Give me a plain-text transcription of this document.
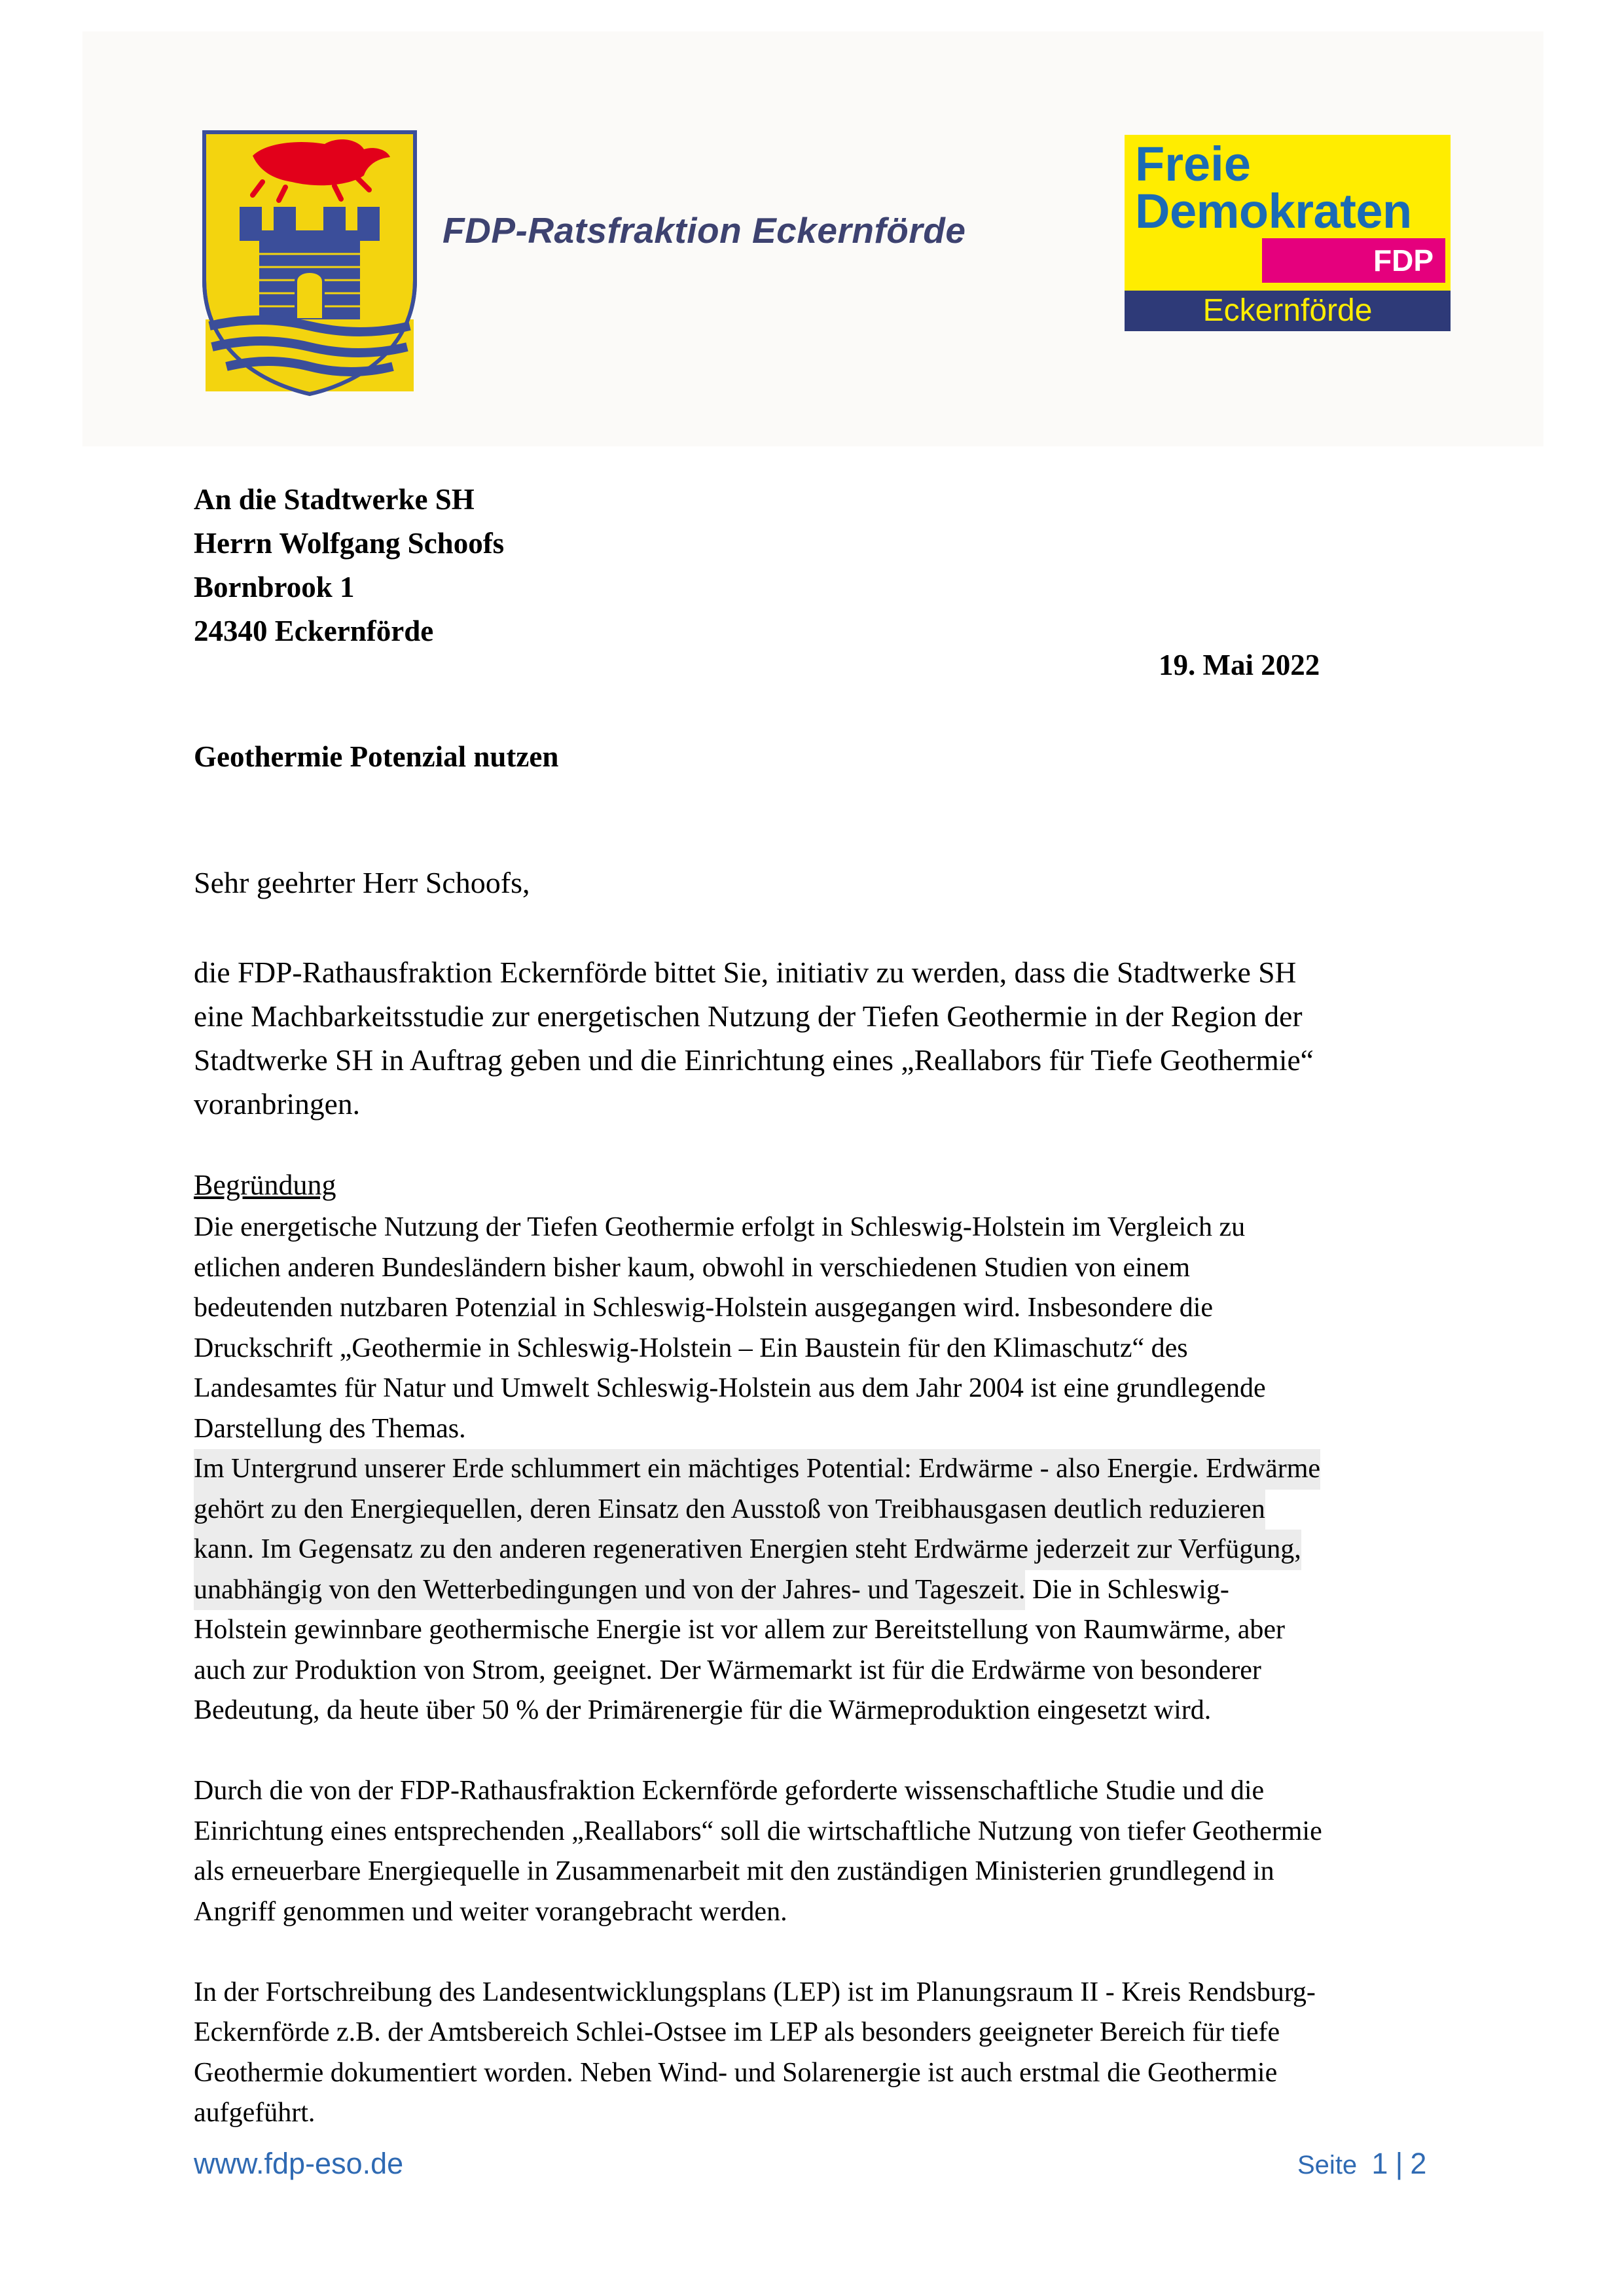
FDP-Ratsfraktion Eckernförde
Freie
Demokraten
FDP
Eckernförde
An die Stadtwerke SH
Herrn Wolfgang Schoofs
Bornbrook 1
24340 Eckernförde
19. Mai 2022
Geothermie Potenzial nutzen
Sehr geehrter Herr Schoofs,
die FDP-Rathausfraktion Eckernförde bittet Sie, initiativ zu werden, dass die Stadtwerke SH
eine Machbarkeitsstudie zur energetischen Nutzung der Tiefen Geothermie in der Region der
Stadtwerke SH in Auftrag geben und die Einrichtung eines „Reallabors für Tiefe Geothermie“
voranbringen.
Begründung
Die energetische Nutzung der Tiefen Geothermie erfolgt in Schleswig-Holstein im Vergleich zu
etlichen anderen Bundesländern bisher kaum, obwohl in verschiedenen Studien von einem
bedeutenden nutzbaren Potenzial in Schleswig-Holstein ausgegangen wird. Insbesondere die
Druckschrift „Geothermie in Schleswig-Holstein – Ein Baustein für den Klimaschutz“ des
Landesamtes für Natur und Umwelt Schleswig-Holstein aus dem Jahr 2004 ist eine grundlegende
Darstellung des Themas.
Im Untergrund unserer Erde schlummert ein mächtiges Potential: Erdwärme - also Energie. Erdwärme
gehört zu den Energiequellen, deren Einsatz den Ausstoß von Treibhausgasen deutlich reduzieren
kann. Im Gegensatz zu den anderen regenerativen Energien steht Erdwärme jederzeit zur Verfügung,
unabhängig von den Wetterbedingungen und von der Jahres- und Tageszeit. Die in Schleswig-
Holstein gewinnbare geothermische Energie ist vor allem zur Bereitstellung von Raumwärme, aber
auch zur Produktion von Strom, geeignet. Der Wärmemarkt ist für die Erdwärme von besonderer
Bedeutung, da heute über 50 % der Primärenergie für die Wärmeproduktion eingesetzt wird.
Durch die von der FDP-Rathausfraktion Eckernförde geforderte wissenschaftliche Studie und die
Einrichtung eines entsprechenden „Reallabors“ soll die wirtschaftliche Nutzung von tiefer Geothermie
als erneuerbare Energiequelle in Zusammenarbeit mit den zuständigen Ministerien grundlegend in
Angriff genommen und weiter vorangebracht werden.
In der Fortschreibung des Landesentwicklungsplans (LEP) ist im Planungsraum II - Kreis Rendsburg-
Eckernförde z.B. der Amtsbereich Schlei-Ostsee im LEP als besonders geeigneter Bereich für tiefe
Geothermie dokumentiert worden. Neben Wind- und Solarenergie ist auch erstmal die Geothermie
aufgeführt.
www.fdp-eso.de	Seite 1 | 2
